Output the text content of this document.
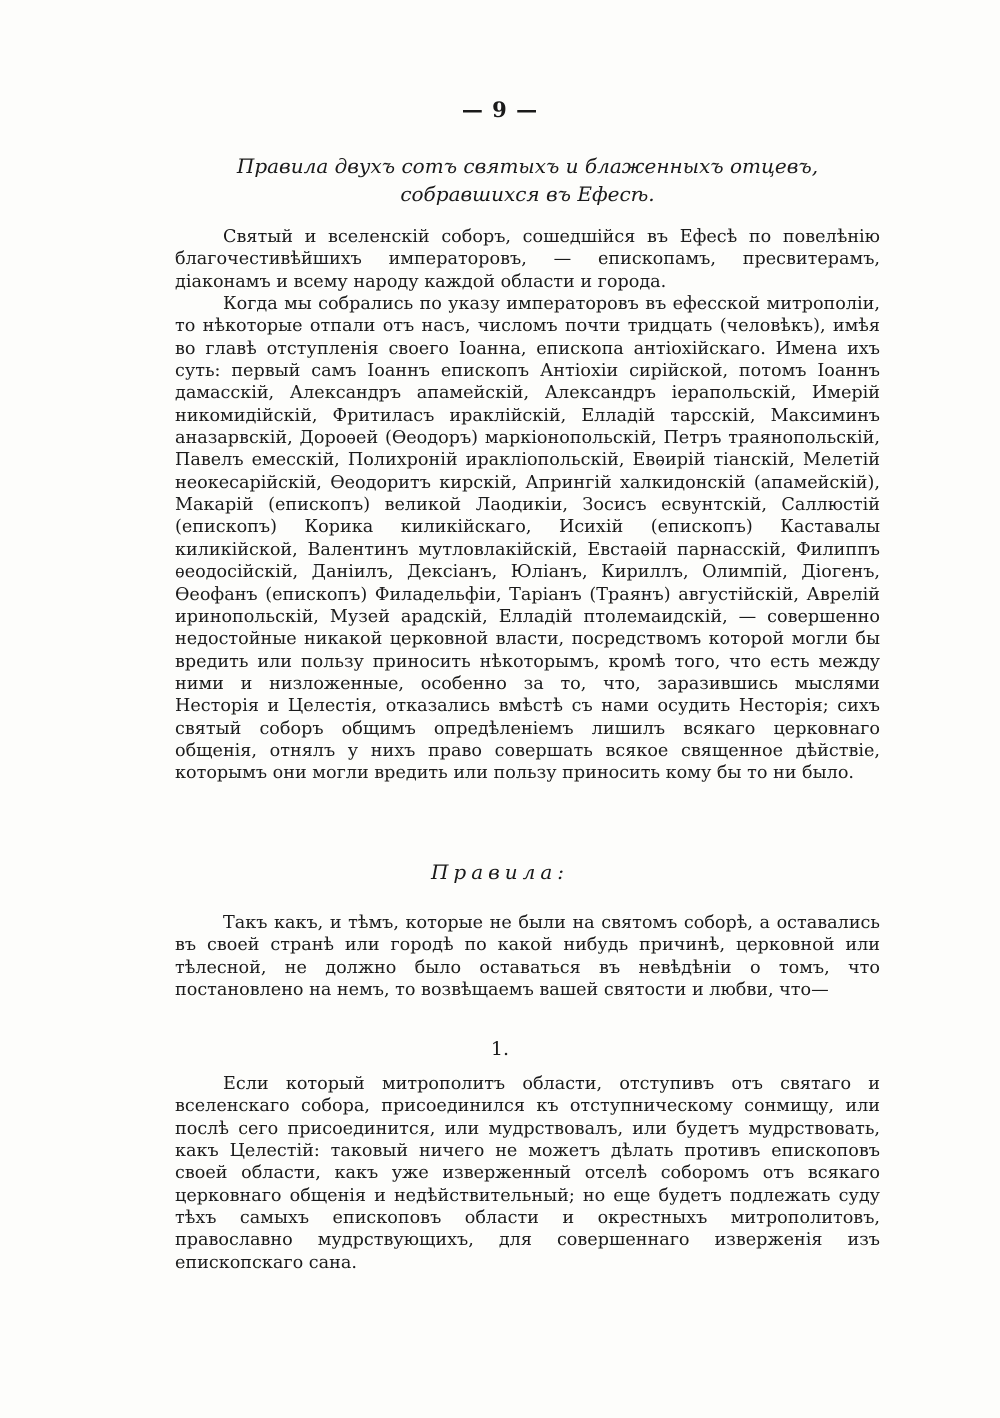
— 9 —
Правила двухъ сотъ святыхъ и блаженныхъ отцевъ, собравшихся въ Ефесѣ.

Святый и вселенскій соборъ, сошедшійся въ Ефесѣ по повелѣнію благочестивѣйшихъ императоровъ, — епископамъ, пресвитерамъ, діаконамъ и всему народу каждой области и города.

Когда мы собрались по указу императоровъ въ ефесской митрополіи, то нѣкоторые отпали отъ насъ, числомъ почти тридцать (человѣкъ), имѣя во главѣ отступленія своего Іоанна, епископа антіохійскаго. Имена ихъ суть: первый самъ Іоаннъ епископъ Антіохіи сирійской, потомъ Іоаннъ дамасскій, Александръ апамейскій, Александръ іерапольскій, Имерій никомидійскій, Фритиласъ ираклійскій, Елладій тарсскій, Максиминъ аназарвскій, Дороѳей (Ѳеодоръ) маркіонопольскій, Петръ траянопольскій, Павелъ емесскій, Полихроній иракліопольскій, Евѳирій тіанскій, Мелетій неокесарійскій, Ѳеодоритъ кирскій, Апрингій халкидонскій (апамейскій), Макарій (епископъ) великой Лаодикіи, Зосисъ есвунтскій, Саллюстій (епископъ) Корика киликійскаго, Исихій (епископъ) Каставалы киликійской, Валентинъ мутловлакійскій, Евстаѳій парнасскій, Филиппъ ѳеодосійскій, Даніилъ, Дексіанъ, Юліанъ, Кириллъ, Олимпій, Діогенъ, Ѳеофанъ (епископъ) Филадельфіи, Таріанъ (Траянъ) августійскій, Аврелій иринопольскій, Музей арадскій, Елладій птолемаидскій, — совершенно недостойные никакой церковной власти, посредствомъ которой могли бы вредить или пользу приносить нѣкоторымъ, кромѣ того, что есть между ними и низложенные, особенно за то, что, заразившись мыслями Несторія и Целестія, отказались вмѣстѣ съ нами осудить Несторія; сихъ святый соборъ общимъ опредѣленіемъ лишилъ всякаго церковнаго общенія, отнялъ у нихъ право совершать всякое священное дѣйствіе, которымъ они могли вредить или пользу приносить кому бы то ни было.

Правила:

Такъ какъ, и тѣмъ, которые не были на святомъ соборѣ, а оставались въ своей странѣ или городѣ по какой нибудь причинѣ, церковной или тѣлесной, не должно было оставаться въ невѣдѣніи о томъ, что постановлено на немъ, то возвѣщаемъ вашей святости и любви, что—

1.

Если который митрополитъ области, отступивъ отъ святаго и вселенскаго собора, присоединился къ отступническому сонмищу, или послѣ сего присоединится, или мудрствовалъ, или будетъ мудрствовать, какъ Целестій: таковый ничего не можетъ дѣлать противъ епископовъ своей области, какъ уже изверженный отселѣ соборомъ отъ всякаго церковнаго общенія и недѣйствительный; но еще будетъ подлежать суду тѣхъ самыхъ епископовъ области и окрестныхъ митрополитовъ, православно мудрствующихъ, для совершеннаго изверженія изъ епископскаго сана.
